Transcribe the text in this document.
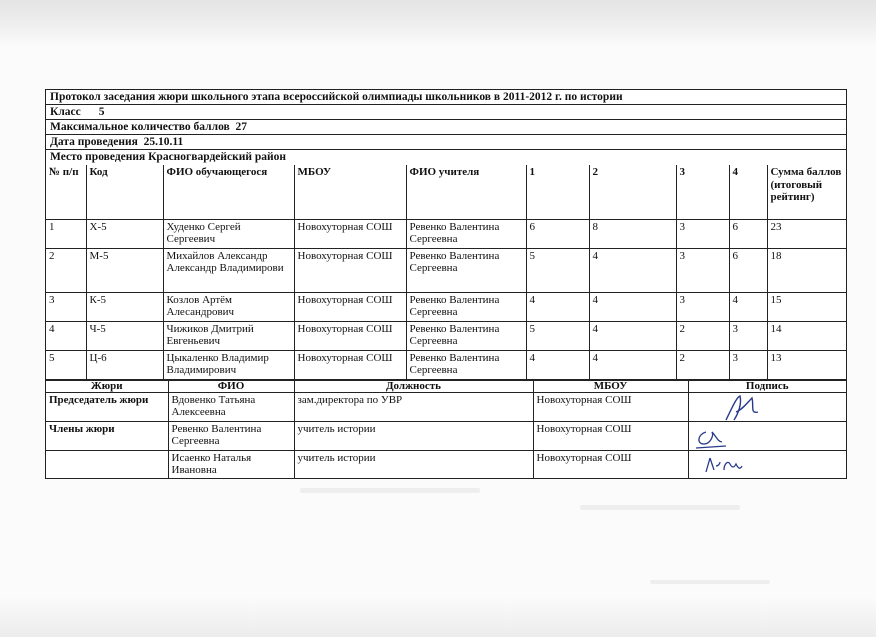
Протокол заседания жюри школьного этапа всероссийской олимпиады школьников в 2011-2012 г. по истории
Класс 5
Максимальное количество баллов 27
Дата проведения 25.10.11
Место проведения Красногвардейский район
№ п/п	Код	ФИО обучающегося	МБОУ	ФИО учителя	1	2	3	4	Сумма баллов (итоговый рейтинг)
1	Х-5	Худенко Сергей Сергеевич	Новохуторная СОШ	Ревенко Валентина Сергеевна	6	8	3	6	23
2	М-5	Михайлов Александр Александр Владимирови	Новохуторная СОШ	Ревенко Валентина Сергеевна	5	4	3	6	18
3	К-5	Козлов Артём Алесандрович	Новохуторная СОШ	Ревенко Валентина Сергеевна	4	4	3	4	15
4	Ч-5	Чижиков Дмитрий Евгеньевич	Новохуторная СОШ	Ревенко Валентина Сергеевна	5	4	2	3	14
5	Ц-6	Цыкаленко Владимир Владимирович	Новохуторная СОШ	Ревенко Валентина Сергеевна	4	4	2	3	13
Жюри	ФИО	Должность	МБОУ	Подпись
Председатель жюри	Вдовенко Татьяна Алексеевна	зам.директора по УВР	Новохуторная СОШ	
Члены жюри	Ревенко Валентина Сергеевна	учитель истории	Новохуторная СОШ	
	Исаенко Наталья Ивановна	учитель истории	Новохуторная СОШ	
